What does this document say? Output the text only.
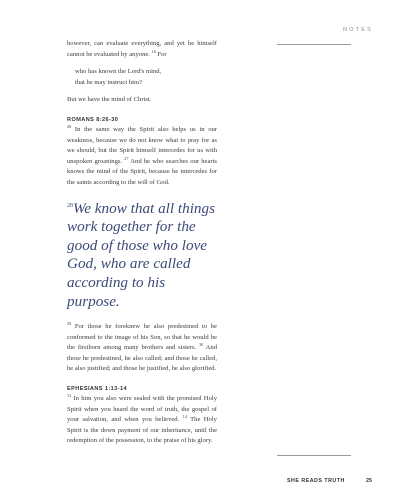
NOTES

however, can evaluate everything, and yet he himself cannot be evaluated by anyone. $^{16}$ For

who has known the Lord's mind,

that he may instruct him?

But we have the mind of Christ.

ROMANS 8:26-30

$^{26}$ In the same way the Spirit also helps us in our weakness, because we do not know what to pray for as we should, but the Spirit himself intercedes for us with unspoken groanings. $^{27}$ And he who searches our hearts knows the mind of the Spirit, because he intercedes for the saints according to the will of God.

$^{28}$We know that all things work together for the good of those who love God, who are called according to his purpose.

$^{29}$ For those he foreknew he also predestined to be conformed to the image of his Son, so that he would be the firstborn among many brothers and sisters. $^{30}$ And those he predestined, he also called; and those he called, he also justified; and those he justified, he also glorified.

EPHESIANS 1:13-14

$^{13}$ In him you also were sealed with the promised Holy Spirit when you heard the word of truth, the gospel of your salvation, and when you believed. $^{14}$ The Holy Spirit is the down payment of our inheritance, until the redemption of the possession, to the praise of his glory.

SHE READS TRUTH	25
